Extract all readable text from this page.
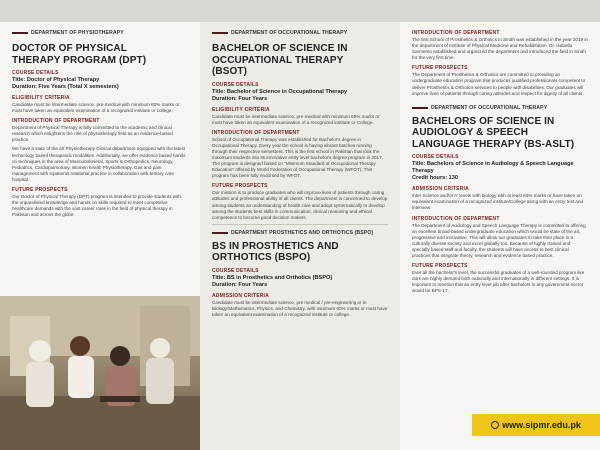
DEPARTMENT OF PHYSIOTHERAPY
DOCTOR OF PHYSICAL
THERAPY PROGRAM (DPT)
COURSE DETAILS
Title: Doctor of Physical Therapy
Duration: Five Years (Total X semesters)
ELIGIBILITY CRITERIA
Candidate must be intermediate science, pre-medical with minimum 60% marks or must have taken an equivalent examination of a recognized institute or college.
INTRODUCTION OF DEPARTMENT
Department of Physical Therapy is fully committed to the academic and clinical research which enlightens the role of physiotherapy field as an evidence-based practice.
We have a state of the art Physiotherapy Clinical department equipped with the latest technology based therapeutic modalities. Additionally, we offer evidence based hands on techniques in the area of Musculoskeletal, Sports & Orthopedics, Neurology, Pediatrics, Cardiopulmonary, Women health Physiotherapy, Gait and pain management with inpatients rotational practice in collaboration with tertiary care hospital.
FUTURE PROSPECTS
Our Doctor of Physical Therapy (DPT) program is intended to provide students with the unparalleled knowledge and hands on skills required to meet competitive healthcare demands with the vast career roles in the field of physical therapy in Pakistan and across the globe.
DEPARTMENT OF OCCUPATIONAL THERAPY
BACHELOR OF SCIENCE IN
OCCUPATIONAL THERAPY
(BSOT)
COURSE DETAILS
Title: Bachelor of Science in Occupational Therapy
Duration: Four Years
ELIGIBILITY CRITERIA
Candidate must be intermediate science, pre-medical with minimum 60% marks or must have taken an equivalent examination of a recognized institute or College.
INTRODUCTION OF DEPARTMENT
School of Occupational Therapy was established for Bachelor's degree in Occupational Therapy. Every year the school is having vibrant batches running through their respective semesters. This is the first school in Pakistan that took the maximum students into its innovative entry level bachelor's degree program in 2017. The program is designed based on "Minimum Standard of Occupational Therapy Education" offered by World Federation of Occupational Therapy (WFOT). This program has been fully endorsed by WFOT.
FUTURE PROSPECTS
Our mission is to produce graduates who will improve lives of patients through caring attitudes and professional ability of all clients. The department is concerned to develop among students an understanding of health care and adopt systematically to develop among the students best skills in communication, clinical reasoning and ethical competence to become good decision makers.
DEPARTMENT PROSTHETICS AND ORTHOTICS (BSPO)
BS IN PROSTHETICS AND
ORTHOTICS (BSPO)
COURSE DETAILS
Title: BS in Prosthetics and Orthotics (BSPO)
Duration: Four Years
ADMISSION CRITERIA
Candidate must be intermediate science, pre medical / pre-engineering or in Biology/Mathematics, Physics, and Chemistry, with minimum 60% marks or must have taken an equivalent examination of a recognized institute or college.
INTRODUCTION OF DEPARTMENT
The first School of Prosthetics & Orthotics in Sindh was established in the year 2019 in the department of Institute of Physical Medicine and Rehabilitation. Dr. Isabella Sarmento established and organized the department and introduced the field in Sindh for the very first time.
FUTURE PROSPECTS
The Department of Prosthetics & Orthotics are committed to providing an undergraduate education program that produces qualified professionals competent to deliver Prosthetics & Orthotics services to people with disabilities. Our graduates will improve lives of patients through caring attitudes and respect for dignity of all clients.
DEPARTMENT OF OCCUPATIONAL THERAPY
BACHELORS OF SCIENCE IN
AUDIOLOGY & SPEECH
LANGUAGE THERAPY (BS-ASLT)
COURSE DETAILS
Title: Bachelors of Science in Audiology & Speech Language Therapy
Credit hours: 130
ADMISSION CRITERIA
Inter Science and/or A' levels with biology with at least 60% marks or have taken an equivalent examination of a recognized institute/College along with an entry test and interview.
INTRODUCTION OF DEPARTMENT
The Department of Audiology and Speech Language Therapy is committed to offering an excellent broad-based undergraduate education which would be state of the art, progressive and innovative. This will allow our graduates to take their place in a culturally diverse society and excel globally too. Because of highly trained and specially based staff and faculty, the students will have access to best clinical practices that integrate theory, research and evidence based practice.
FUTURE PROSPECTS
Ever all the bachelor's level, the successful graduates of a well-rounded program like ours are highly demand both nationally and internationally in different settings. It is important to mention that an entry level job after bachelors in any government sector would be BPS-17.
www.sipmr.edu.pk
